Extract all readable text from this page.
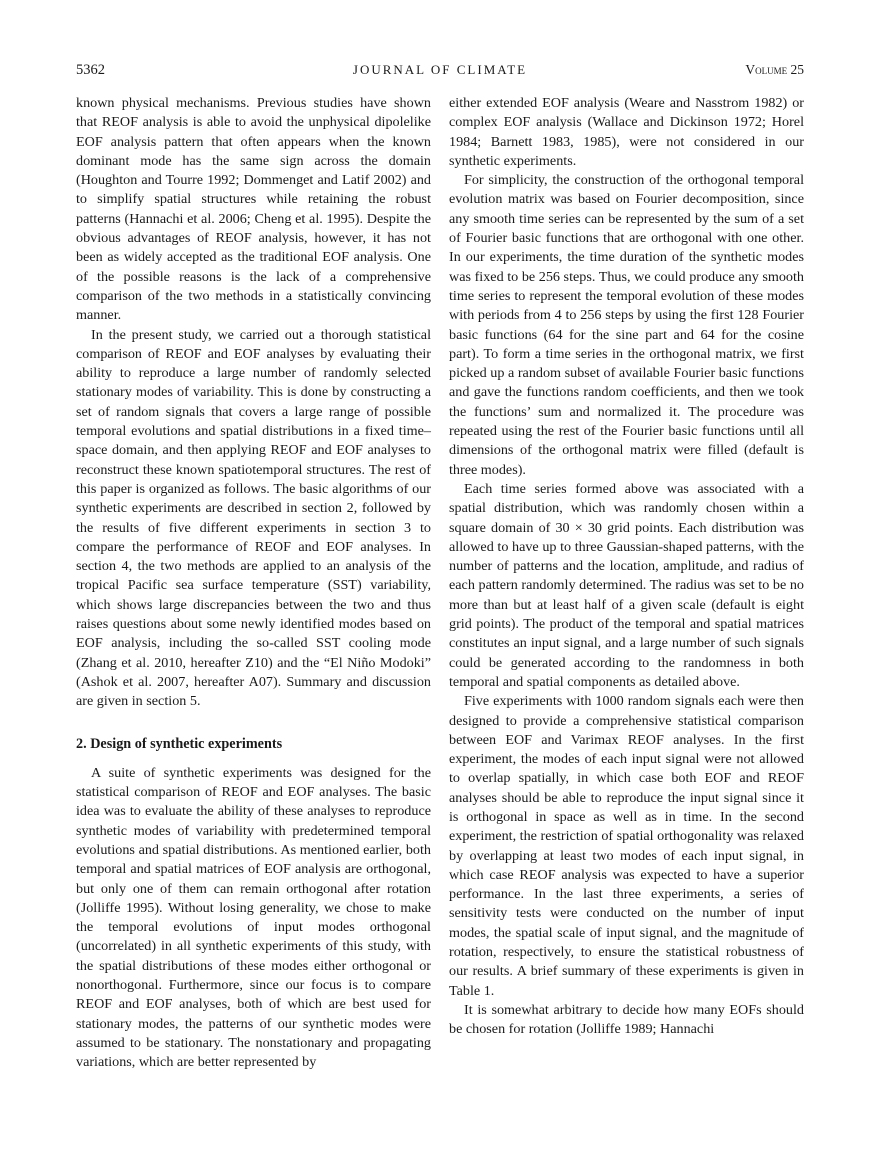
5362	JOURNAL OF CLIMATE	Volume 25

known physical mechanisms. Previous studies have shown that REOF analysis is able to avoid the unphysical dipolelike EOF analysis pattern that often appears when the known dominant mode has the same sign across the domain (Houghton and Tourre 1992; Dommenget and Latif 2002) and to simplify spatial structures while retaining the robust patterns (Hannachi et al. 2006; Cheng et al. 1995). Despite the obvious advantages of REOF analysis, however, it has not been as widely accepted as the traditional EOF analysis. One of the possible reasons is the lack of a comprehensive comparison of the two methods in a statistically convincing manner.

In the present study, we carried out a thorough statistical comparison of REOF and EOF analyses by evaluating their ability to reproduce a large number of randomly selected stationary modes of variability. This is done by constructing a set of random signals that covers a large range of possible temporal evolutions and spatial distributions in a fixed time–space domain, and then applying REOF and EOF analyses to reconstruct these known spatiotemporal structures. The rest of this paper is organized as follows. The basic algorithms of our synthetic experiments are described in section 2, followed by the results of five different experiments in section 3 to compare the performance of REOF and EOF analyses. In section 4, the two methods are applied to an analysis of the tropical Pacific sea surface temperature (SST) variability, which shows large discrepancies between the two and thus raises questions about some newly identified modes based on EOF analysis, including the so-called SST cooling mode (Zhang et al. 2010, hereafter Z10) and the “El Niño Modoki” (Ashok et al. 2007, hereafter A07). Summary and discussion are given in section 5.

2. Design of synthetic experiments

A suite of synthetic experiments was designed for the statistical comparison of REOF and EOF analyses. The basic idea was to evaluate the ability of these analyses to reproduce synthetic modes of variability with predetermined temporal evolutions and spatial distributions. As mentioned earlier, both temporal and spatial matrices of EOF analysis are orthogonal, but only one of them can remain orthogonal after rotation (Jolliffe 1995). Without losing generality, we chose to make the temporal evolutions of input modes orthogonal (uncorrelated) in all synthetic experiments of this study, with the spatial distributions of these modes either orthogonal or nonorthogonal. Furthermore, since our focus is to compare REOF and EOF analyses, both of which are best used for stationary modes, the patterns of our synthetic modes were assumed to be stationary. The nonstationary and propagating variations, which are better represented by

either extended EOF analysis (Weare and Nasstrom 1982) or complex EOF analysis (Wallace and Dickinson 1972; Horel 1984; Barnett 1983, 1985), were not considered in our synthetic experiments.

For simplicity, the construction of the orthogonal temporal evolution matrix was based on Fourier decomposition, since any smooth time series can be represented by the sum of a set of Fourier basic functions that are orthogonal with one other. In our experiments, the time duration of the synthetic modes was fixed to be 256 steps. Thus, we could produce any smooth time series to represent the temporal evolution of these modes with periods from 4 to 256 steps by using the first 128 Fourier basic functions (64 for the sine part and 64 for the cosine part). To form a time series in the orthogonal matrix, we first picked up a random subset of available Fourier basic functions and gave the functions random coefficients, and then we took the functions’ sum and normalized it. The procedure was repeated using the rest of the Fourier basic functions until all dimensions of the orthogonal matrix were filled (default is three modes).

Each time series formed above was associated with a spatial distribution, which was randomly chosen within a square domain of 30 × 30 grid points. Each distribution was allowed to have up to three Gaussian-shaped patterns, with the number of patterns and the location, amplitude, and radius of each pattern randomly determined. The radius was set to be no more than but at least half of a given scale (default is eight grid points). The product of the temporal and spatial matrices constitutes an input signal, and a large number of such signals could be generated according to the randomness in both temporal and spatial components as detailed above.

Five experiments with 1000 random signals each were then designed to provide a comprehensive statistical comparison between EOF and Varimax REOF analyses. In the first experiment, the modes of each input signal were not allowed to overlap spatially, in which case both EOF and REOF analyses should be able to reproduce the input signal since it is orthogonal in space as well as in time. In the second experiment, the restriction of spatial orthogonality was relaxed by overlapping at least two modes of each input signal, in which case REOF analysis was expected to have a superior performance. In the last three experiments, a series of sensitivity tests were conducted on the number of input modes, the spatial scale of input signal, and the magnitude of rotation, respectively, to ensure the statistical robustness of our results. A brief summary of these experiments is given in Table 1.

It is somewhat arbitrary to decide how many EOFs should be chosen for rotation (Jolliffe 1989; Hannachi
